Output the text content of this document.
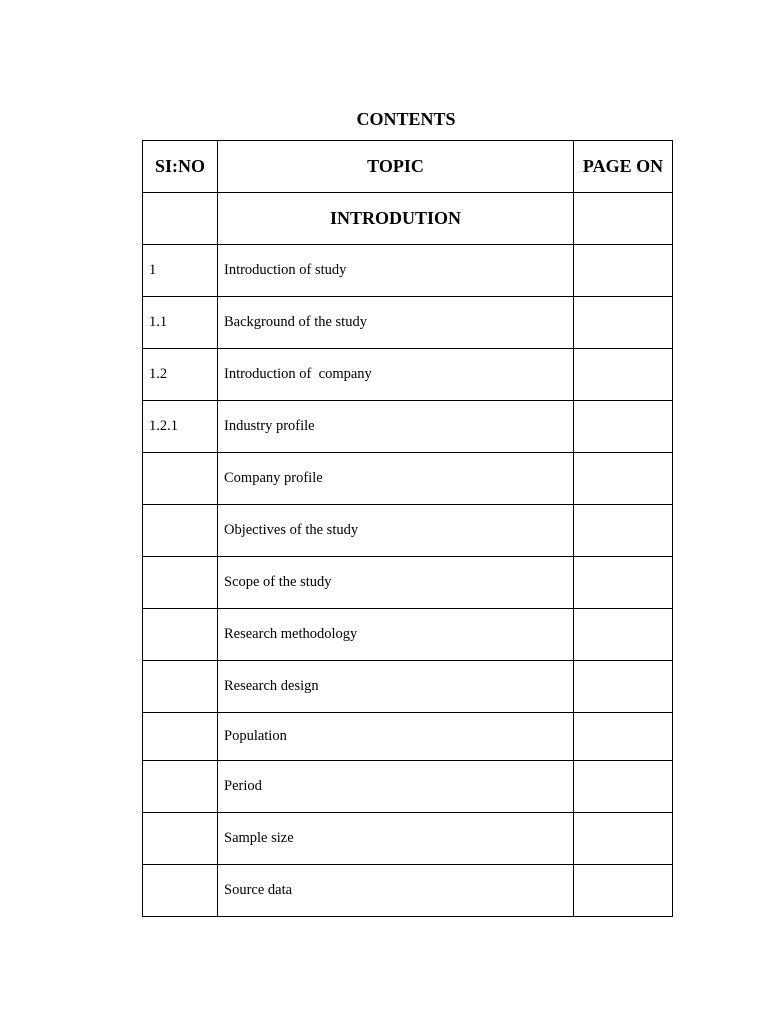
CONTENTS
SI:NO	TOPIC	PAGE ON
	INTRODUTION	
1	Introduction of study	
1.1	Background of the study	
1.2	Introduction of  company	
1.2.1	Industry profile	
	Company profile	
	Objectives of the study	
	Scope of the study	
	Research methodology	
	Research design	
	Population	
	Period	
	Sample size	
	Source data	
